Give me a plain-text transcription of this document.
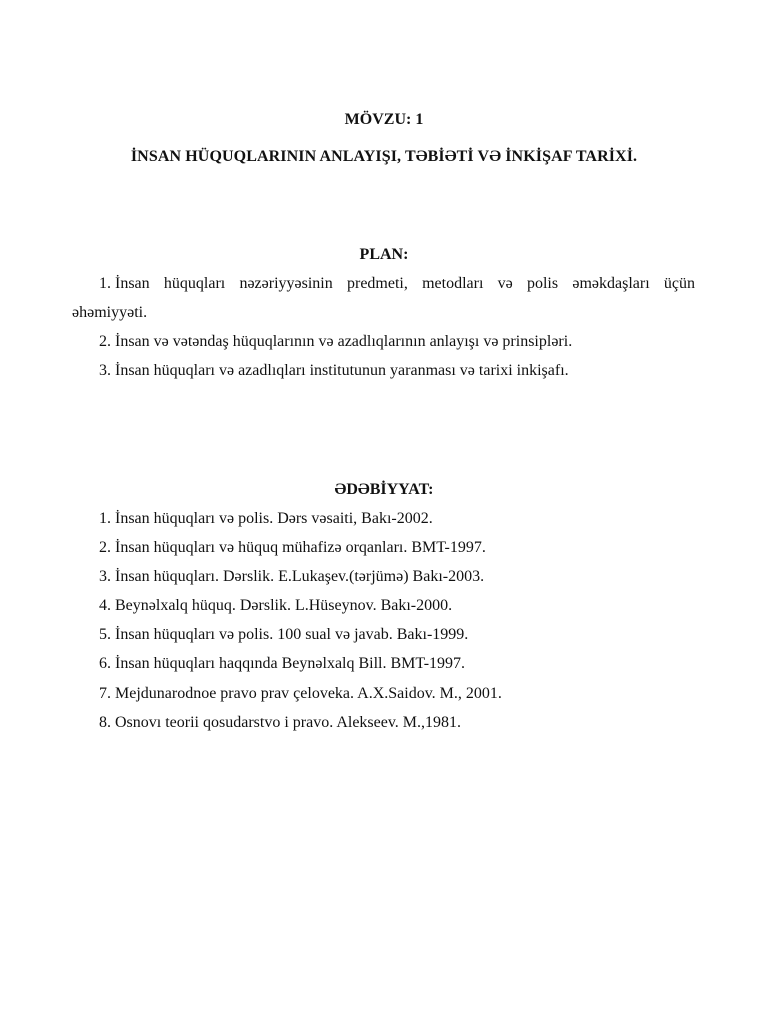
MÖVZU: 1

İNSAN HÜQUQLARININ ANLAYIŞI, TƏBİƏTİ VƏ İNKİŞAF TARİXİ.

PLAN:

1. İnsan hüquqları nəzəriyyəsinin predmeti, metodları və polis əməkdaşları üçün

əhəmiyyəti.

2. İnsan və vətəndaş hüquqlarının və azadlıqlarının anlayışı və prinsipləri.

3. İnsan hüquqları və azadlıqları institutunun yaranması və tarixi inkişafı.

ƏDƏBİYYAT:

1. İnsan hüquqları və polis. Dərs vəsaiti, Bakı-2002.

2. İnsan hüquqları və hüquq mühafizə orqanları. BMT-1997.

3. İnsan hüquqları. Dərslik. E.Lukaşev.(tərjümə) Bakı-2003.

4. Beynəlxalq hüquq. Dərslik. L.Hüseynov. Bakı-2000.

5. İnsan hüquqları və polis. 100 sual və javab. Bakı-1999.

6. İnsan hüquqları haqqında Beynəlxalq Bill. BMT-1997.

7. Mejdunarodnoe pravo prav çeloveka. A.X.Saidov. M., 2001.

8. Osnovı teorii qosudarstvo i pravo. Alekseev. M.,1981.
